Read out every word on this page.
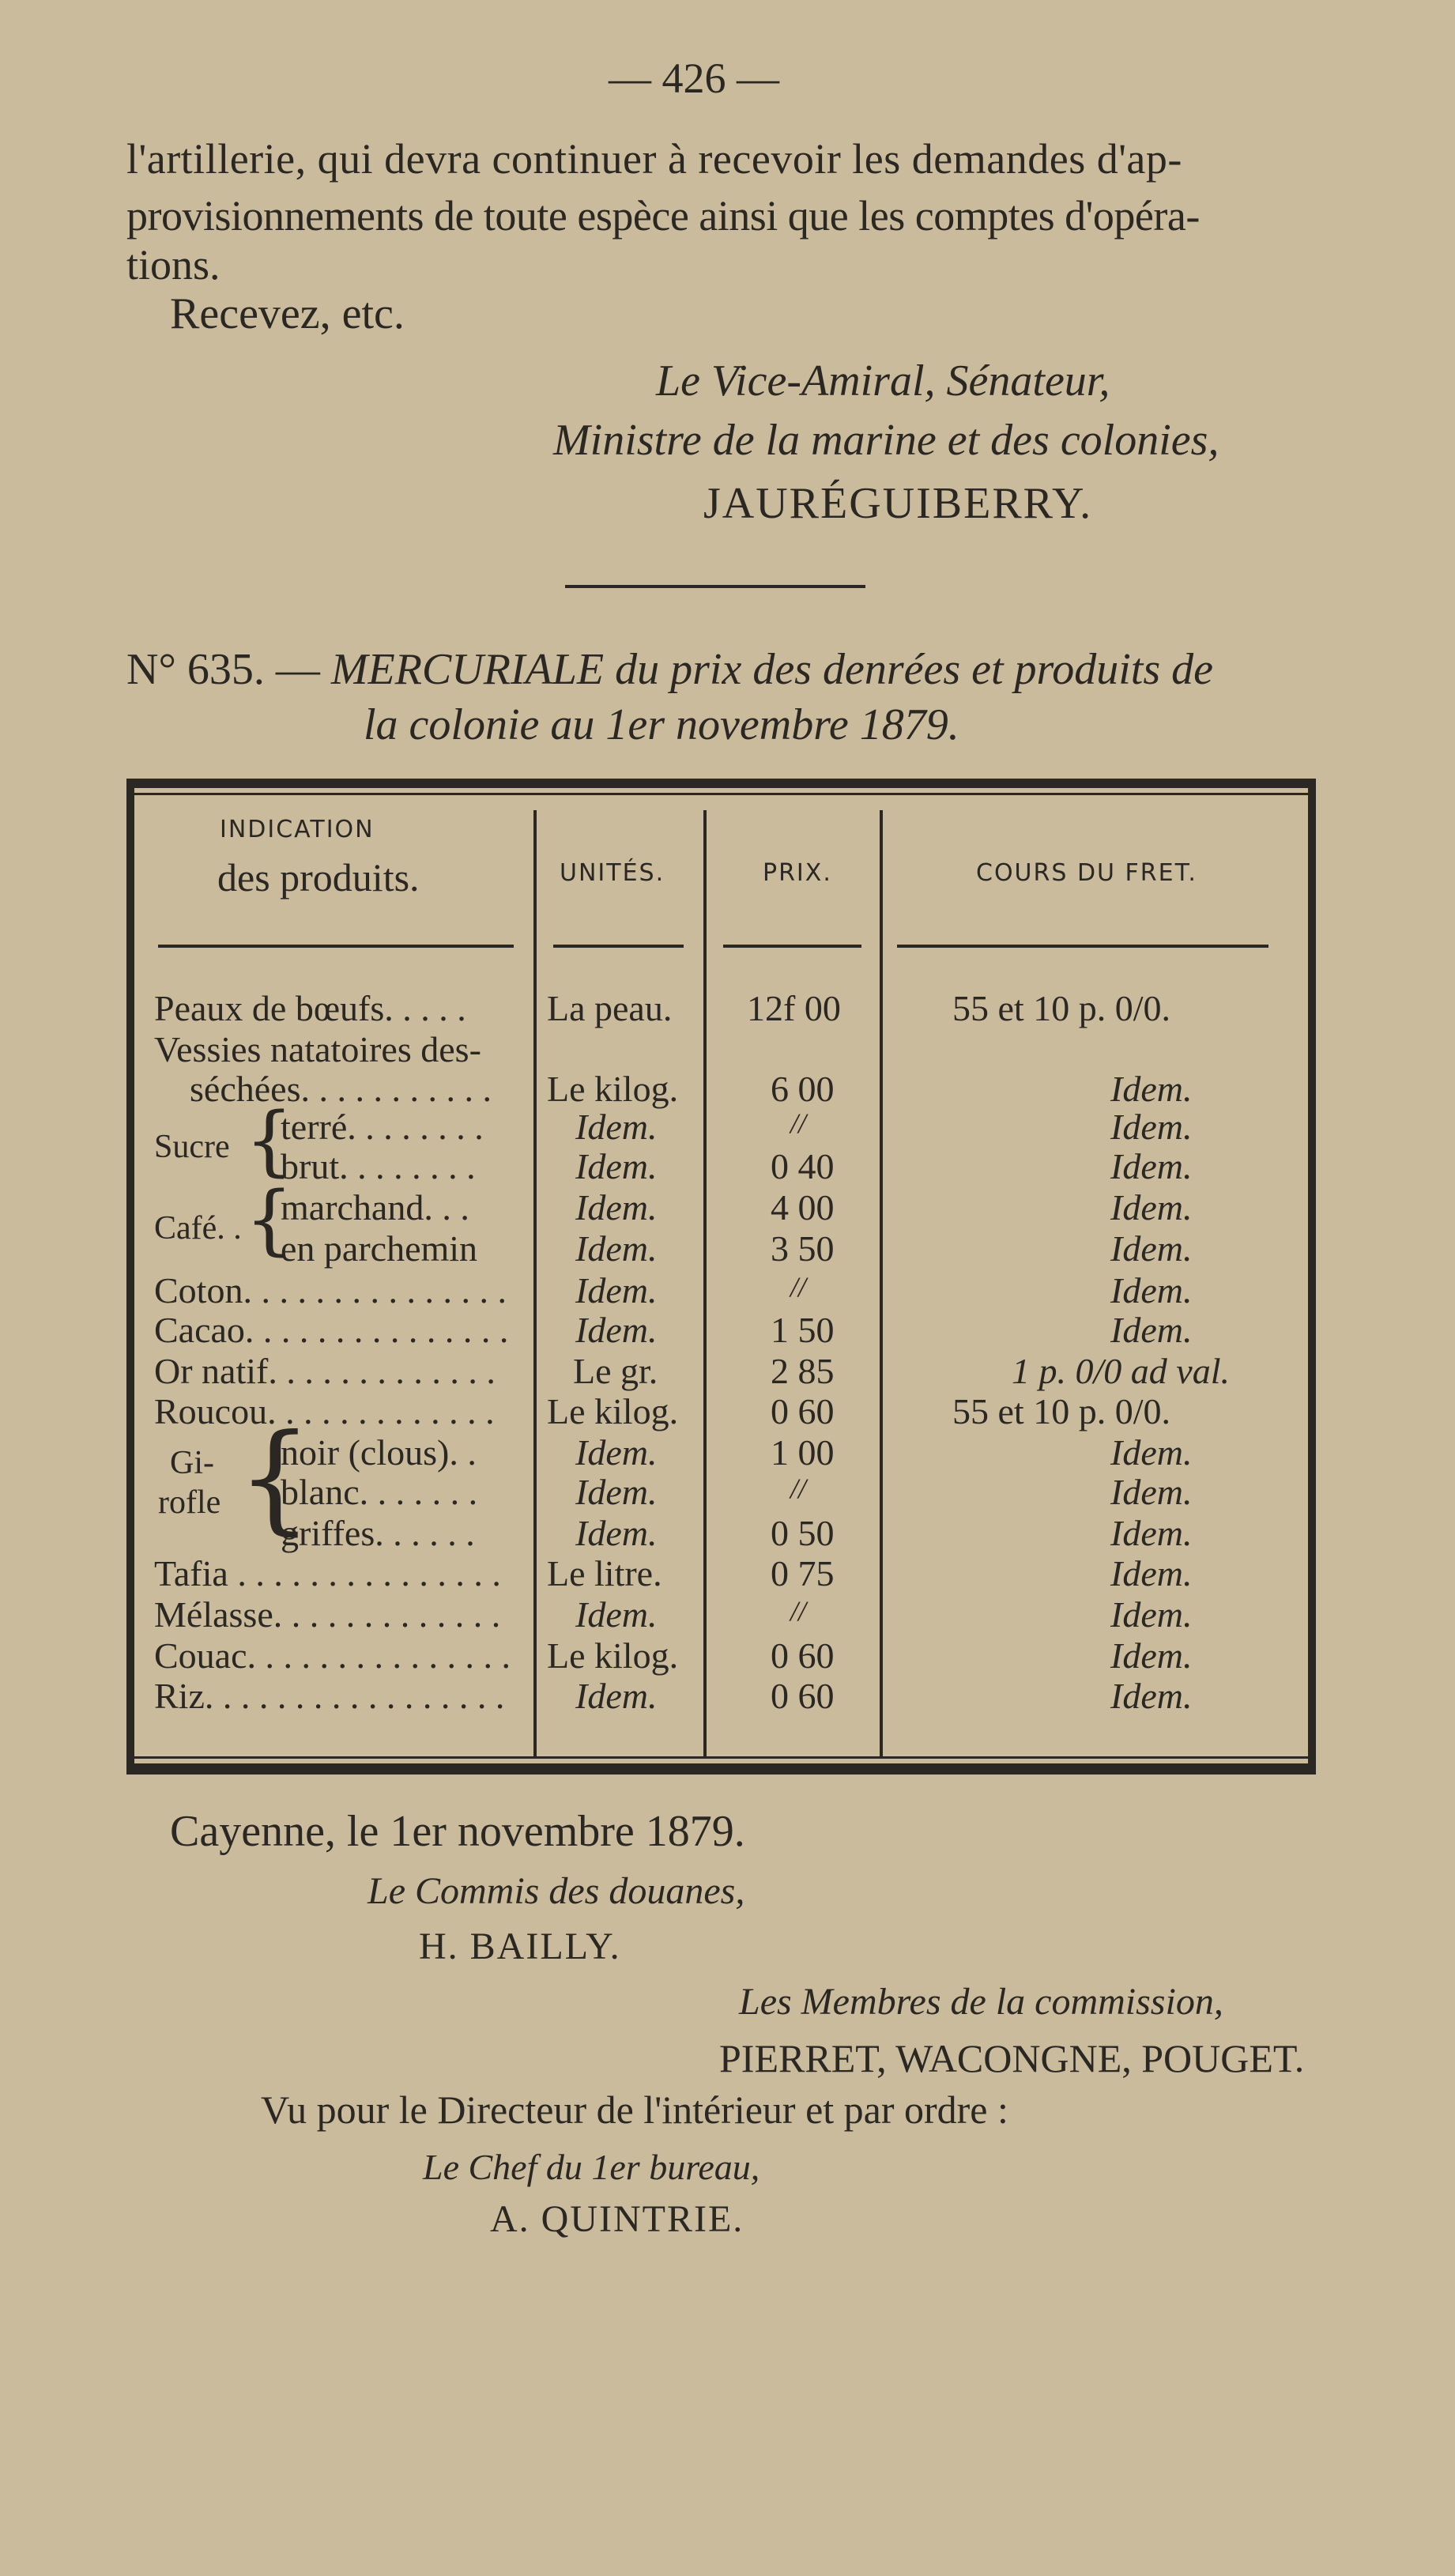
— 426 —
l'artillerie, qui devra continuer à recevoir les demandes d'ap-
provisionnements de toute espèce ainsi que les comptes d'opéra-
tions.
Recevez, etc.
Le Vice-Amiral, Sénateur,
Ministre de la marine et des colonies,
JAURÉGUIBERRY.
N° 635. — MERCURIALE du prix des denrées et produits de
la colonie au 1er novembre 1879.
INDICATION
des produits.	UNITÉS.	PRIX.	COURS DU FRET.
Peaux de bœufs. . . . . La peau. 12f 00	55 et 10 p. 0/0.
Vessies natatoires des-
séchées. . . . . . . . . . . Le kilog.	6 00	Idem.
Sucre {
terré. . . . . . . .	Idem.	//	Idem.
brut. . . . . . . .	Idem.	0 40	Idem.
Café. . {
marchand. . .	Idem.	4 00	Idem.
en parchemin	Idem.	3 50	Idem.
Coton. . . . . . . . . . . . . . . Idem.	//	Idem.
Cacao. . . . . . . . . . . . . . . Idem.	1 50	Idem.
Or natif. . . . . . . . . . . . . Le gr.	2 85	1 p. 0/0 ad val.
Roucou. . . . . . . . . . . . . Le kilog.	0 60	55 et 10 p. 0/0.
Gi-
rofle {
noir (clous). .	Idem.	1 00	Idem.
blanc. . . . . . .	Idem.	//	Idem.
griffes. . . . . .	Idem.	0 50	Idem.
Tafia . . . . . . . . . . . . . . . Le litre.	0 75	Idem.
Mélasse. . . . . . . . . . . . . Idem.	//	Idem.
Couac. . . . . . . . . . . . . . . Le kilog.	0 60	Idem.
Riz. . . . . . . . . . . . . . . . . Idem.	0 60	Idem.
Cayenne, le 1er novembre 1879.
Le Commis des douanes,
H. BAILLY.
Les Membres de la commission,
PIERRET, WACONGNE, POUGET.
Vu pour le Directeur de l'intérieur et par ordre :
Le Chef du 1er bureau,
A. QUINTRIE.
